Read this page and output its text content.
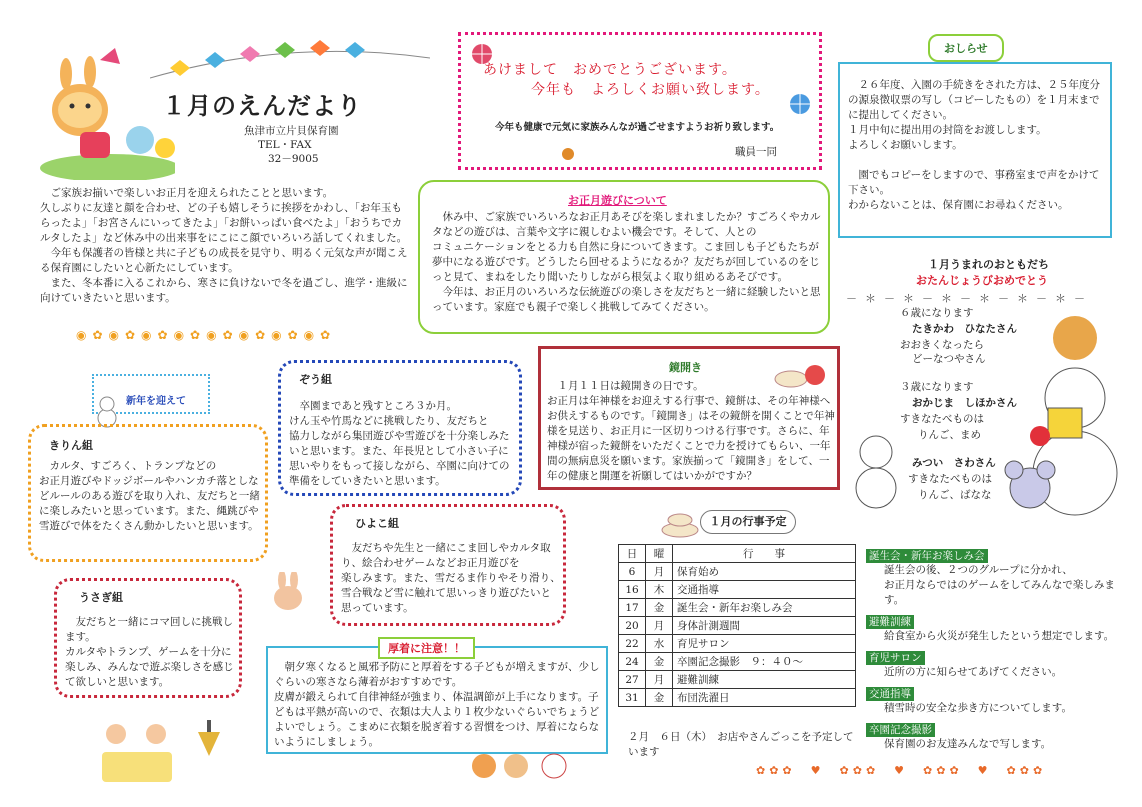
１月のえんだより
魚津市立片貝保育園
TEL・FAX
32－9005
あけまして　おめでとうございます。
今年も　よろしくお願い致します。
今年も健康で元気に家族みんなが過ごせますようお祈り致します。
職員一同
　２６年度、入園の手続きをされた方は、２５年度分の源泉徴収票の写し（コピーしたもの）を１月末までに提出してください。
１月中旬に提出用の封筒をお渡しします。
よろしくお願いします。

　園でもコピーをしますので、事務室まで声をかけて下さい。
わからないことは、保育園にお尋ねください。
おしらせ
　ご家族お揃いで楽しいお正月を迎えられたことと思います。
久しぶりに友達と顔を合わせ、どの子も嬉しそうに挨拶をかわし、「お年玉もらったよ」「お宮さんにいってきたよ」「お餅いっぱい食べたよ」「おうちでカルタしたよ」など休み中の出来事をにこにこ顔でいろいろ話してくれました。
　今年も保護者の皆様と共に子どもの成長を見守り、明るく元気な声が聞こえる保育園にしたいと心新たにしています。
　また、冬本番に入るこれから、寒さに負けないで冬を過ごし、進学・進級に向けていきたいと思います。
お正月遊びについて
　休み中、ご家族でいろいろなお正月あそびを楽しまれましたか？すごろくやカルタなどの遊びは、言葉や文字に親しむよい機会です。そして、人との
コミュニケーションをとる力も自然に身についてきます。こま回しも子どもたちが夢中になる遊びです。どうしたら回せるようになるか？友だちが回しているのをじっと見て、まねをしたり聞いたりしながら根気よく取り組めるあそびです。
　今年は、お正月のいろいろな伝統遊びの楽しさを友だちと一緒に経験したいと思っています。家庭でも親子で楽しく挑戦してみてください。
◉✿◉✿◉✿◉✿◉✿◉✿◉✿◉✿
新年を迎えて
きりん組
　カルタ、すごろく、トランプなどの
お正月遊びやドッジボールやハンカチ落としなどルールのある遊びを取り入れ、友だちと一緒に楽しみたいと思っています。また、縄跳びや雪遊びで体をたくさん動かしたいと思います。
ぞう組
　卒園まであと残すところ３か月。
けん玉や竹馬などに挑戦したり、友だちと
協力しながら集団遊びや雪遊びを十分楽しみたいと思います。また、年長児として小さい子に思いやりをもって接しながら、卒園に向けての準備をしていきたいと思います。
鏡開き
　１月１１日は鏡開きの日です。
お正月は年神様をお迎えする行事で、鏡餅は、その年神様へお供えするものです。「鏡開き」はその鏡餅を開くことで年神様を見送り、お正月に一区切りつける行事です。さらに、年神様が宿った鏡餅をいただくことで力を授けてもらい、一年間の無病息災を願います。家族揃って「鏡開き」をして、一年の健康と開運を祈願してはいかがですか？
１月うまれのおともだち
おたんじょうびおめでとう
－＊－＊－＊－＊－＊－＊－
６歳になります
たきかわ　ひなたさん
おおきくなったら
どーなつやさん
３歳になります
おかじま　しほかさん
すきなたべものは
りんご、まめ
みつい　さわさん
すきなたべものは
りんご、ばなな
ひよこ組
　友だちや先生と一緒にこま回しやカルタ取り、絵合わせゲームなどお正月遊びを
楽しみます。また、雪だるま作りやそり滑り、雪合戦など雪に触れて思いっきり遊びたいと思っています。
うさぎ組
　友だちと一緒にコマ回しに挑戦します。
カルタやトランプ、ゲームを十分に楽しみ、みんなで遊ぶ楽しさを感じて欲しいと思います。
１月の行事予定
日	曜	行　　事
6	月	保育始め
16	木	交通指導
17	金	誕生会・新年お楽しみ会
20	月	身体計測週間
22	水	育児サロン
24	金	卒園記念撮影　９：４０～
27	月	避難訓練
31	金	布団洗濯日
２月　６日（木）　お店やさんごっこを予定しています
誕生会・新年お楽しみ会
誕生会の後、２つのグループに分かれ、
お正月ならではのゲームをしてみんなで楽しみます。
避難訓練
給食室から火災が発生したという想定でします。
育児サロン
近所の方に知らせてあげてください。
交通指導
積雪時の安全な歩き方についてします。
卒園記念撮影
保育園のお友達みんなで写します。
　朝夕寒くなると風邪予防にと厚着をする子どもが増えますが、少しぐらいの寒さなら薄着がおすすめです。
皮膚が鍛えられて自律神経が強まり、体温調節が上手になります。子どもは平熱が高いので、衣類は大人より１枚少ないぐらいでちょうどよいでしょう。こまめに衣類を脱ぎ着する習慣をつけ、厚着にならないようにしましょう。
厚着に注意！！
✿✿✿　♥　✿✿✿　♥　✿✿✿　♥　✿✿✿
